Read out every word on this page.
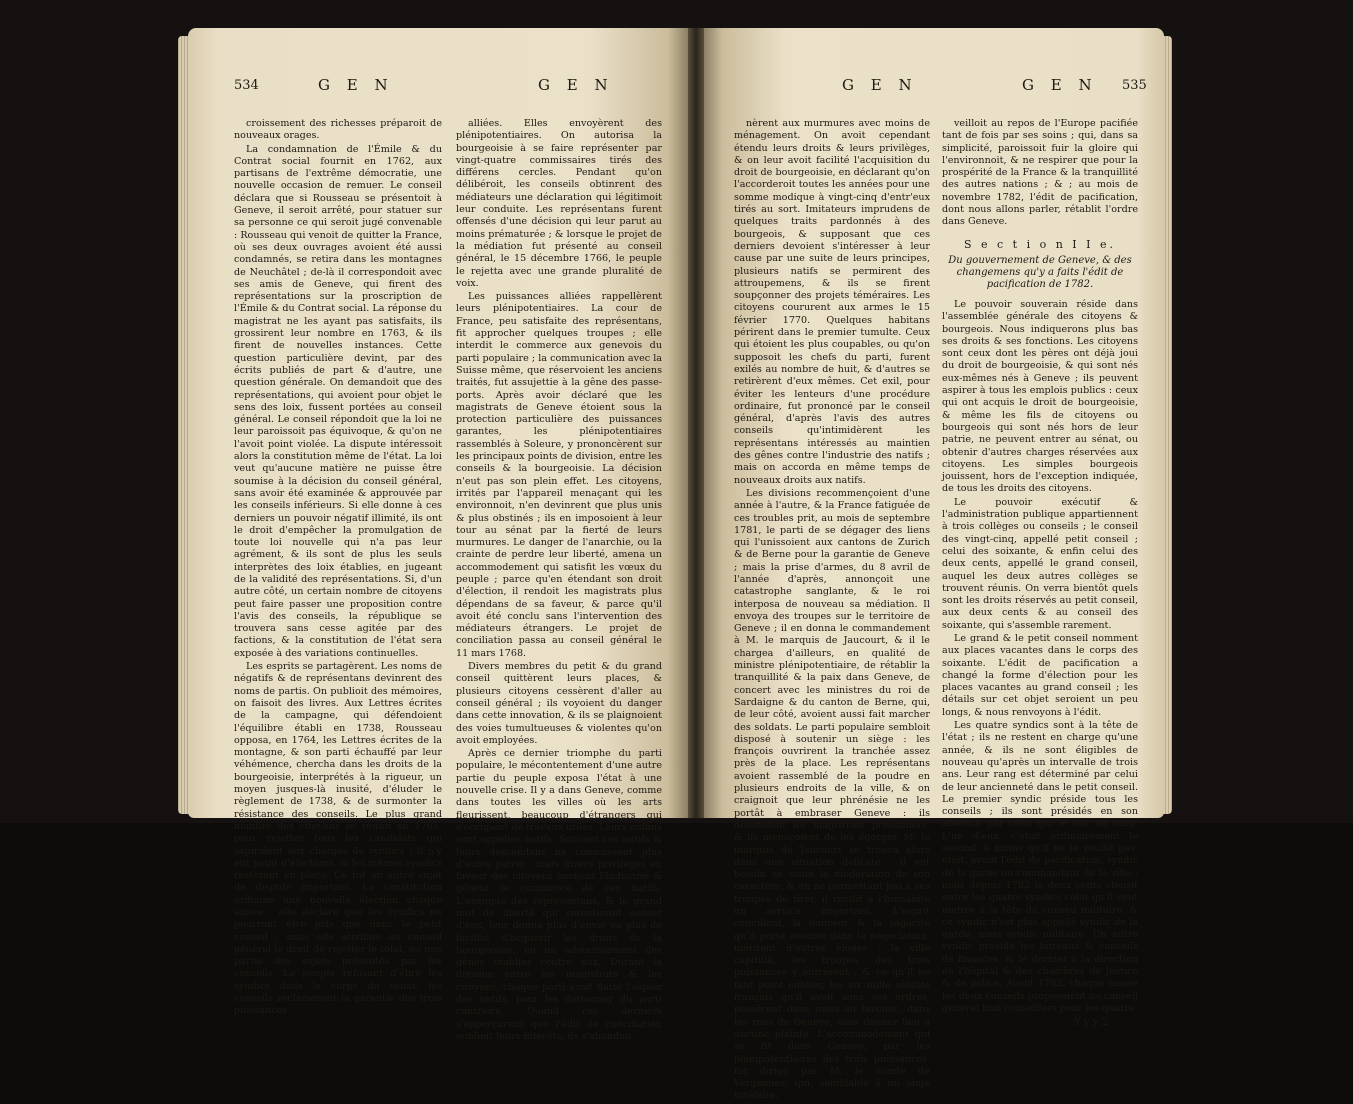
534	G E N	G E N

croissement des richesses préparoit de nouveaux orages.

La condamnation de l'Émile & du Contrat social fournit en 1762, aux partisans de l'extrême démocratie, une nouvelle occasion de remuer. Le conseil déclara que si Rousseau se présentoit à Geneve, il seroit arrêté, pour statuer sur sa personne ce qui seroit jugé convenable : Rousseau qui venoit de quitter la France, où ses deux ouvrages avoient été aussi condamnés, se retira dans les montagnes de Neuchâtel ; de-là il correspondoit avec ses amis de Geneve, qui firent des représentations sur la proscription de l'Émile & du Contrat social. La réponse du magistrat ne les ayant pas satisfaits, ils grossirent leur nombre en 1763, & ils firent de nouvelles instances. Cette question particulière devint, par des écrits publiés de part & d'autre, une question générale. On demandoit que des représentations, qui avoient pour objet le sens des loix, fussent portées au conseil général. Le conseil répondoit que la loi ne leur paroissoit pas équivoque, & qu'on ne l'avoit point violée. La dispute intéressoit alors la constitution même de l'état. La loi veut qu'aucune matière ne puisse être soumise à la décision du conseil général, sans avoir été examinée & approuvée par les conseils inférieurs. Si elle donne à ces derniers un pouvoir négatif illimité, ils ont le droit d'empêcher la promulgation de toute loi nouvelle qui n'a pas leur agrément, & ils sont de plus les seuls interprètes des loix établies, en jugeant de la validité des représentations. Si, d'un autre côté, un certain nombre de citoyens peut faire passer une proposition contre l'avis des conseils, la république se trouvera sans cesse agitée par des factions, & la constitution de l'état sera exposée à des variations continuelles.

Les esprits se partagèrent. Les noms de négatifs & de représentans devinrent des noms de partis. On publioit des mémoires, on faisoit des livres. Aux Lettres écrites de la campagne, qui défendoient l'équilibre établi en 1738, Rousseau opposa, en 1764, les Lettres écrites de la montagne, & son parti échauffé par leur véhémence, chercha dans les droits de la bourgeoisie, interprétés à la rigueur, un moyen jusques-là inusité, d'éluder le règlement de 1738, & de surmonter la résistance des conseils. Le plus grand nombre des citoyens se réunit en 1765, pour rejetter tous les candidats qui aspiroient aux charges de syndics ; il n'y eut point d'élections, & les mêmes syndics restèrent en place. Ce fut un autre sujet de dispute important. La constitution ordonne une nouvelle élection chaque année : elle déclare que les syndics ne pourront être pris que dans le petit conseil ; mais elle attribue au conseil général le droit de rejetter le total, ou une partie des sujets présentés par les conseils. Le peuple refusant d'élire les syndics dans le corps du sénat, les conseils réclamèrent la garantie des trois puissances

alliées. Elles envoyèrent des plénipotentiaires. On autorisa la bourgeoisie à se faire représenter par vingt-quatre commissaires tirés des différens cercles. Pendant qu'on délibéroit, les conseils obtinrent des médiateurs une déclaration qui légitimoit leur conduite. Les représentans furent offensés d'une décision qui leur parut au moins prématurée ; & lorsque le projet de la médiation fut présenté au conseil général, le 15 décembre 1766, le peuple le rejetta avec une grande pluralité de voix.

Les puissances alliées rappellèrent leurs plénipotentiaires. La cour de France, peu satisfaite des représentans, fit approcher quelques troupes ; elle interdit le commerce aux genevois du parti populaire ; la communication avec la Suisse même, que réservoient les anciens traités, fut assujettie à la gêne des passe-ports. Après avoir déclaré que les magistrats de Geneve étoient sous la protection particulière des puissances garantes, les plénipotentiaires rassemblés à Soleure, y prononcèrent sur les principaux points de division, entre les conseils & la bourgeoisie. La décision n'eut pas son plein effet. Les citoyens, irrités par l'appareil menaçant qui les environnoit, n'en devinrent que plus unis & plus obstinés ; ils en imposoient à leur tour au sénat par la fierté de leurs murmures. Le danger de l'anarchie, ou la crainte de perdre leur liberté, amena un accommodement qui satisfit les vœux du peuple ; parce qu'en étendant son droit d'élection, il rendoit les magistrats plus dépendans de sa faveur, & parce qu'il avoit été conclu sans l'intervention des médiateurs étrangers. Le projet de conciliation passa au conseil général le 11 mars 1768.

Divers membres du petit & du grand conseil quittèrent leurs places, & plusieurs citoyens cessèrent d'aller au conseil général ; ils voyoient du danger dans cette innovation, & ils se plaignoient des voies tumultueuses & violentes qu'on avoit employées.

Après ce dernier triomphe du parti populaire, le mécontentement d'une autre partie du peuple exposa l'état à une nouvelle crise. Il y a dans Geneve, comme dans toutes les villes où les arts fleurissent, beaucoup d'étrangers qui s'occupent de travaux utiles. Leurs enfans sont appellés natifs. Souvent ces natifs & leurs descendans ne connoissent plus d'autre patrie ; mais divers privilèges en faveur des citoyens bornent l'industrie & gênent le commerce de ces natifs. L'exemple des représentans, & le grand mot de liberté qui retentissoit autour d'eux, leur donna plus d'envie ou plus de facilité d'acquérir les droits de la bourgeoisie, ou un adoucissement des gênes établies contre eux. Durant la division entre les magistrats & les citoyens, chaque parti avoit flatté l'espoir des natifs, pour les détourner du parti contraire. Quand ces derniers s'apperçurent que l'édit de conciliation oublioit leurs intérêts, ils s'abandon-

G E N	G E N 535

nèrent aux murmures avec moins de ménagement. On avoit cependant étendu leurs droits & leurs privilèges, & on leur avoit facilité l'acquisition du droit de bourgeoisie, en déclarant qu'on l'accorderoit toutes les années pour une somme modique à vingt-cinq d'entr'eux tirés au sort. Imitateurs imprudens de quelques traits pardonnés à des bourgeois, & supposant que ces derniers devoient s'intéresser à leur cause par une suite de leurs principes, plusieurs natifs se permirent des attroupemens, & ils se firent soupçonner des projets téméraires. Les citoyens coururent aux armes le 15 février 1770. Quelques habitans périrent dans le premier tumulte. Ceux qui étoient les plus coupables, ou qu'on supposoit les chefs du parti, furent exilés au nombre de huit, & d'autres se retirèrent d'eux mêmes. Cet exil, pour éviter les lenteurs d'une procédure ordinaire, fut prononcé par le conseil général, d'après l'avis des autres conseils qu'intimidèrent les représentans intéressés au maintien des gênes contre l'industrie des natifs ; mais on accorda en même temps de nouveaux droits aux natifs.

Les divisions recommençoient d'une année à l'autre, & la France fatiguée de ces troubles prit, au mois de septembre 1781, le parti de se dégager des liens qui l'unissoient aux cantons de Zurich & de Berne pour la garantie de Geneve ; mais la prise d'armes, du 8 avril de l'année d'après, annonçoit une catastrophe sanglante, & le roi interposa de nouveau sa médiation. Il envoya des troupes sur le territoire de Geneve ; il en donna le commandement à M. le marquis de Jaucourt, & il le chargea d'ailleurs, en qualité de ministre plénipotentiaire, de rétablir la tranquillité & la paix dans Geneve, de concert avec les ministres du roi de Sardaigne & du canton de Berne, qui, de leur côté, avoient aussi fait marcher des soldats. Le parti populaire sembloit disposé à soutenir un siège : les françois ouvrirent la tranchée assez près de la place. Les représentans avoient rassemblé de la poudre en plusieurs endroits de la ville, & on craignoit que leur phrénésie ne les portât à embraser Geneve : ils détenoient les magistrats prisonniers, & ils menaçoient de les égorger. M. le marquis de Jaucourt se trouva alors dans une situation délicate ; il eut besoin de toute la modération de son caractère, & en ne permettant pas à ses troupes de tirer, il rendit à l'humanité un service important. L'esprit conciliant, la douceur & la sagacité qu'il porta ensuite dans la négociation, méritent d'autres éloges : la ville capitula, les troupes des trois puissances y entrèrent ; & ce qu'il ne faut point oublier, les six mille soldats françois qu'il avoit sous ses ordres, passèrent deux nuits au bivouac, dans les rues de Geneve, sans donner lieu à aucune plainte. L'accommodement qui se fit dans Geneve, par les plénipotentiaires des trois puissances, fut dirigé par M. le comte de Vergennes, qui, semblable à un ange tutélaire,

veilloit au repos de l'Europe pacifiée tant de fois par ses soins ; qui, dans sa simplicité, paroissoit fuir la gloire qui l'environnoit, & ne respirer que pour la prospérité de la France & la tranquillité des autres nations ; & ; au mois de novembre 1782, l'édit de pacification, dont nous allons parler, rétablit l'ordre dans Geneve.

S e c t i o n I I e.
Du gouvernement de Geneve, & des changemens qu'y a faits l'édit de pacification de 1782.

Le pouvoir souverain réside dans l'assemblée générale des citoyens & bourgeois. Nous indiquerons plus bas ses droits & ses fonctions. Les citoyens sont ceux dont les pères ont déjà joui du droit de bourgeoisie, & qui sont nés eux-mêmes nés à Geneve ; ils peuvent aspirer à tous les emplois publics : ceux qui ont acquis le droit de bourgeoisie, & même les fils de citoyens ou bourgeois qui sont nés hors de leur patrie, ne peuvent entrer au sénat, ou obtenir d'autres charges réservées aux citoyens. Les simples bourgeois jouissent, hors de l'exception indiquée, de tous les droits des citoyens.

Le pouvoir exécutif & l'administration publique appartiennent à trois collèges ou conseils ; le conseil des vingt-cinq, appellé petit conseil ; celui des soixante, & enfin celui des deux cents, appellé le grand conseil, auquel les deux autres collèges se trouvent réunis. On verra bientôt quels sont les droits réservés au petit conseil, aux deux cents & au conseil des soixante, qui s'assemble rarement.

Le grand & le petit conseil nomment aux places vacantes dans le corps des soixante. L'édit de pacification a changé la forme d'élection pour les places vacantes au grand conseil ; les détails sur cet objet seroient un peu longs, & nous renvoyons à l'édit.

Les quatre syndics sont à la tête de l'état ; ils ne restent en charge qu'une année, & ils ne sont éligibles de nouveau qu'après un intervalle de trois ans. Leur rang est déterminé par celui de leur ancienneté dans le petit conseil. Le premier syndic préside tous les conseils ; ils sont présidés en son absence par celui qui le suit en rang. L'un d'eux, c'étoit ordinairement le second, à moins qu'il ne le voulût pas, étoit, avant l'édit de pacification, syndic de la garde ou commandant de la ville : mais depuis 1782 le deux cents choisit entre les quatre syndics celui qu'il veut mettre à la tête du conseil militaire, & ce syndic n'est plus appellé syndic de la garde, mais syndic militaire. Un autre syndic préside les bureaux & conseils de finances, & le dernier à la direction de l'hôpital & des chambres de justice & de police. Avant 1782, chaque année les deux conseils proposoient au conseil général huit conseillers pour les quatre

Y y y 2
